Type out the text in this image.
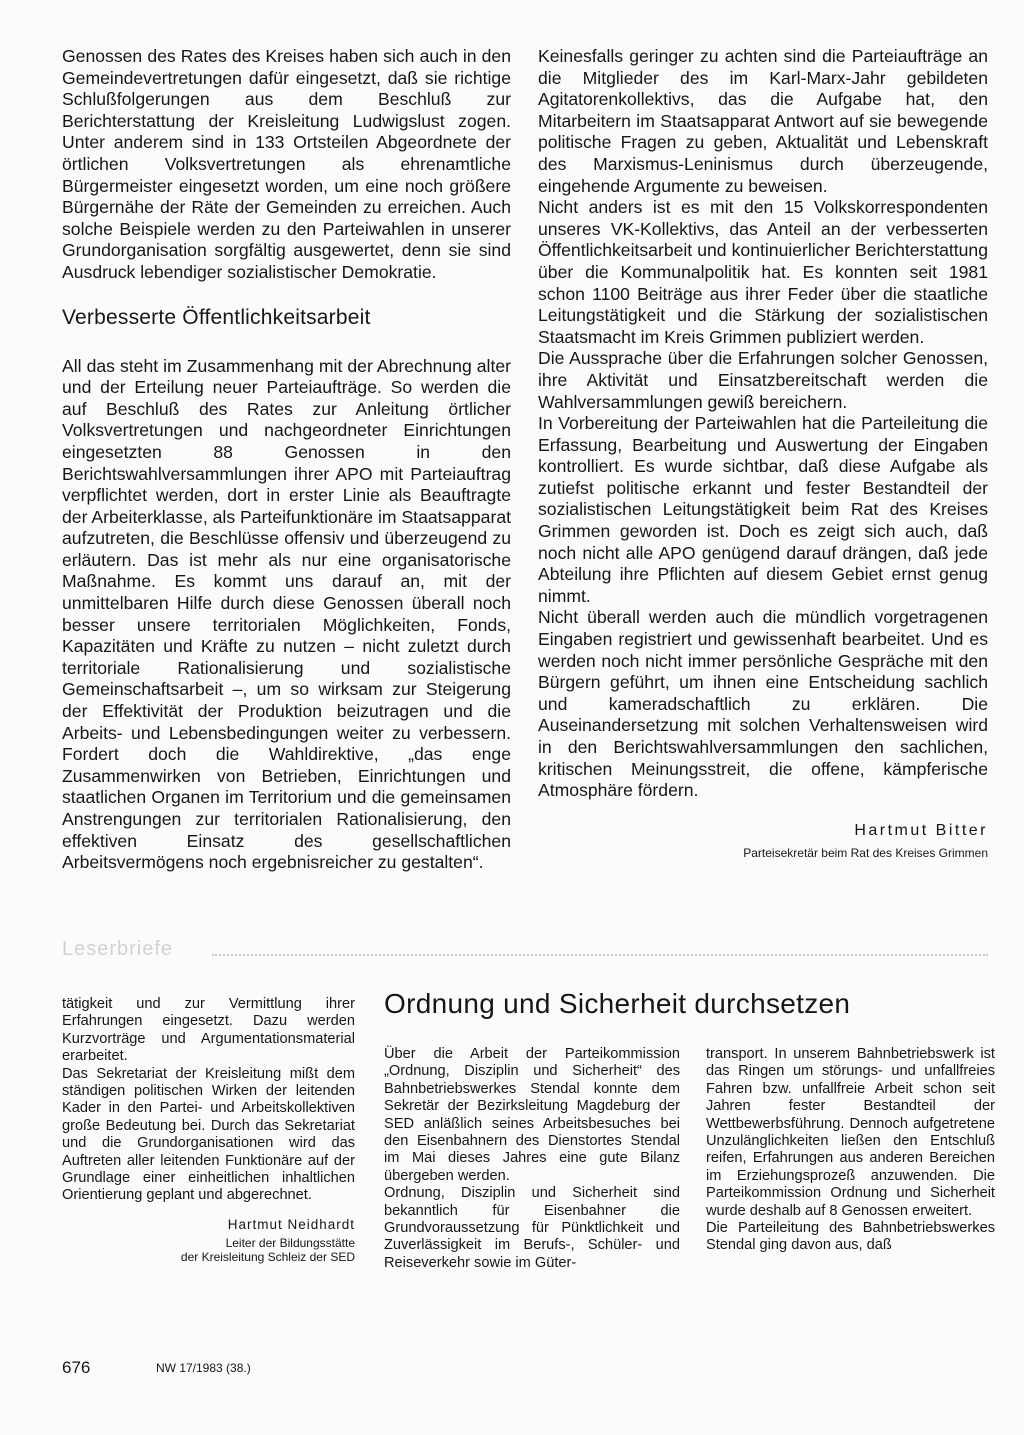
Genossen des Rates des Kreises haben sich auch in den Gemeindevertretungen dafür eingesetzt, daß sie richtige Schlußfolgerungen aus dem Beschluß zur Berichterstattung der Kreisleitung Ludwigslust zogen. Unter anderem sind in 133 Ortsteilen Abgeordnete der örtlichen Volksvertretungen als ehrenamtliche Bürgermeister eingesetzt worden, um eine noch größere Bürgernähe der Räte der Gemeinden zu erreichen. Auch solche Beispiele werden zu den Parteiwahlen in unserer Grundorganisation sorgfältig ausgewertet, denn sie sind Ausdruck lebendiger sozialistischer Demokratie.

Verbesserte Öffentlichkeitsarbeit

All das steht im Zusammenhang mit der Abrechnung alter und der Erteilung neuer Parteiaufträge. So werden die auf Beschluß des Rates zur Anleitung örtlicher Volksvertretungen und nachgeordneter Einrichtungen eingesetzten 88 Genossen in den Berichtswahlversammlungen ihrer APO mit Parteiauftrag verpflichtet werden, dort in erster Linie als Beauftragte der Arbeiterklasse, als Parteifunktionäre im Staatsapparat aufzutreten, die Beschlüsse offensiv und überzeugend zu erläutern. Das ist mehr als nur eine organisatorische Maßnahme. Es kommt uns darauf an, mit der unmittelbaren Hilfe durch diese Genossen überall noch besser unsere territorialen Möglichkeiten, Fonds, Kapazitäten und Kräfte zu nutzen – nicht zuletzt durch territoriale Rationalisierung und sozialistische Gemeinschaftsarbeit –, um so wirksam zur Steigerung der Effektivität der Produktion beizutragen und die Arbeits- und Lebensbedingungen weiter zu verbessern. Fordert doch die Wahldirektive, „das enge Zusammenwirken von Betrieben, Einrichtungen und staatlichen Organen im Territorium und die gemeinsamen Anstrengungen zur territorialen Rationalisierung, den effektiven Einsatz des gesellschaftlichen Arbeitsvermögens noch ergebnisreicher zu gestalten“.

Keinesfalls geringer zu achten sind die Parteiaufträge an die Mitglieder des im Karl-Marx-Jahr gebildeten Agitatorenkollektivs, das die Aufgabe hat, den Mitarbeitern im Staatsapparat Antwort auf sie bewegende politische Fragen zu geben, Aktualität und Lebenskraft des Marxismus-Leninismus durch überzeugende, eingehende Argumente zu beweisen.

Nicht anders ist es mit den 15 Volkskorrespondenten unseres VK-Kollektivs, das Anteil an der verbesserten Öffentlichkeitsarbeit und kontinuierlicher Berichterstattung über die Kommunalpolitik hat. Es konnten seit 1981 schon 1100 Beiträge aus ihrer Feder über die staatliche Leitungstätigkeit und die Stärkung der sozialistischen Staatsmacht im Kreis Grimmen publiziert werden.

Die Aussprache über die Erfahrungen solcher Genossen, ihre Aktivität und Einsatzbereitschaft werden die Wahlversammlungen gewiß bereichern.

In Vorbereitung der Parteiwahlen hat die Parteileitung die Erfassung, Bearbeitung und Auswertung der Eingaben kontrolliert. Es wurde sichtbar, daß diese Aufgabe als zutiefst politische erkannt und fester Bestandteil der sozialistischen Leitungstätigkeit beim Rat des Kreises Grimmen geworden ist. Doch es zeigt sich auch, daß noch nicht alle APO genügend darauf drängen, daß jede Abteilung ihre Pflichten auf diesem Gebiet ernst genug nimmt.

Nicht überall werden auch die mündlich vorgetragenen Eingaben registriert und gewissenhaft bearbeitet. Und es werden noch nicht immer persönliche Gespräche mit den Bürgern geführt, um ihnen eine Entscheidung sachlich und kameradschaftlich zu erklären. Die Auseinandersetzung mit solchen Verhaltensweisen wird in den Berichtswahlversammlungen den sachlichen, kritischen Meinungsstreit, die offene, kämpferische Atmosphäre fördern.

Hartmut Bitter
Parteisekretär beim Rat des Kreises Grimmen
Leserbriefe

tätigkeit und zur Vermittlung ihrer Erfahrungen eingesetzt. Dazu werden Kurzvorträge und Argumentationsmaterial erarbeitet.

Das Sekretariat der Kreisleitung mißt dem ständigen politischen Wirken der leitenden Kader in den Partei- und Arbeitskollektiven große Bedeutung bei. Durch das Sekretariat und die Grundorganisationen wird das Auftreten aller leitenden Funktionäre auf der Grundlage einer einheitlichen inhaltlichen Orientierung geplant und abgerechnet.

Hartmut Neidhardt
Leiter der Bildungsstätte
der Kreisleitung Schleiz der SED
Ordnung und Sicherheit durchsetzen

Über die Arbeit der Parteikommission „Ordnung, Disziplin und Sicherheit“ des Bahnbetriebswerkes Stendal konnte dem Sekretär der Bezirksleitung Magdeburg der SED anläßlich seines Arbeitsbesuches bei den Eisenbahnern des Dienstortes Stendal im Mai dieses Jahres eine gute Bilanz übergeben werden.

Ordnung, Disziplin und Sicherheit sind bekanntlich für Eisenbahner die Grundvoraussetzung für Pünktlichkeit und Zuverlässigkeit im Berufs-, Schüler- und Reiseverkehr sowie im Güter-

transport. In unserem Bahnbetriebswerk ist das Ringen um störungs- und unfallfreies Fahren bzw. unfallfreie Arbeit schon seit Jahren fester Bestandteil der Wettbewerbsführung. Dennoch aufgetretene Unzulänglichkeiten ließen den Entschluß reifen, Erfahrungen aus anderen Bereichen im Erziehungsprozeß anzuwenden. Die Parteikommission Ordnung und Sicherheit wurde deshalb auf 8 Genossen erweitert.

Die Parteileitung des Bahnbetriebswerkes Stendal ging davon aus, daß

676	NW 17/1983 (38.)
